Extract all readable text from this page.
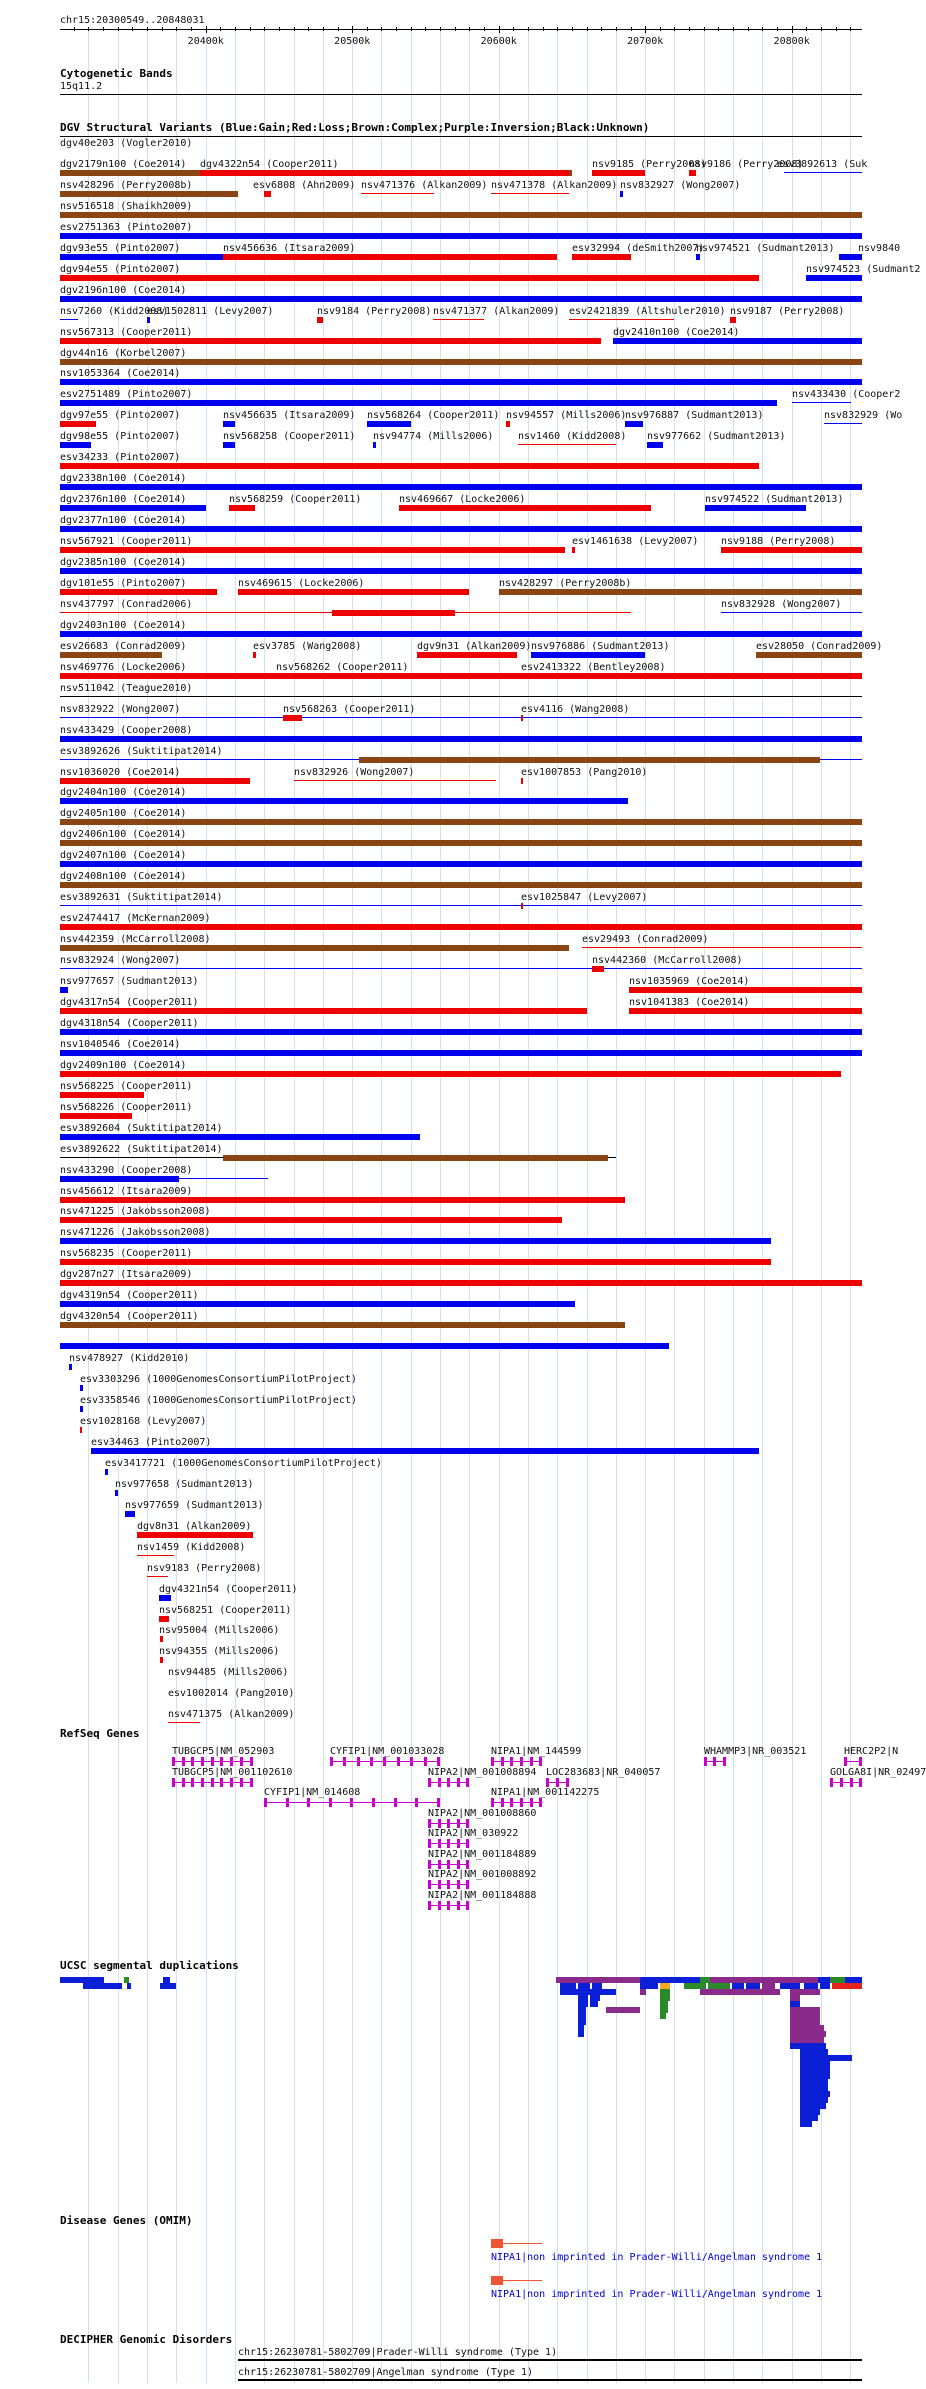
chr15:20300549..20848031
20400k	20500k	20600k	20700k	20800k
Cytogenetic Bands
15q11.2
DGV Structural Variants (Blue:Gain;Red:Loss;Brown:Complex;Purple:Inversion;Black:Unknown)
dgv40e203 (Vogler2010)
dgv2179n100 (Coe2014) dgv4322n54 (Cooper2011)	nsv9185 (Perry2008)
nsv9186 (Perry2008)
esv3892613 (Suk
nsv428296 (Perry2008b)	esv6808 (Ahn2009) nsv471376 (Alkan2009) nsv471378 (Alkan2009) nsv832927 (Wong2007)
nsv516518 (Shaikh2009)
esv2751363 (Pinto2007)
dgv93e55 (Pinto2007)	nsv456636 (Itsara2009)	esv32994 (deSmith2007)
nsv974521 (Sudmant2013) nsv9840
dgv94e55 (Pinto2007)	nsv974523 (Sudmant2
dgv2196n100 (Coe2014)
nsv7260 (Kidd2008)
esv1502811 (Levy2007)	nsv9184 (Perry2008) nsv471377 (Alkan2009) esv2421839 (Altshuler2010) nsv9187 (Perry2008)
nsv567313 (Cooper2011)	dgv2410n100 (Coe2014)
dgv44n16 (Korbel2007)
nsv1053364 (Coe2014)
esv2751489 (Pinto2007)	nsv433430 (Cooper2
dgv97e55 (Pinto2007)	nsv456635 (Itsara2009) nsv568264 (Cooper2011) nsv94557 (Mills2006)
nsv976887 (Sudmant2013)	nsv832929 (Wo
dgv98e55 (Pinto2007)	nsv568258 (Cooper2011) nsv94774 (Mills2006) nsv1460 (Kidd2008) nsv977662 (Sudmant2013)
esv34233 (Pinto2007)
dgv2338n100 (Coe2014)
dgv2376n100 (Coe2014)	nsv568259 (Cooper2011)	nsv469667 (Locke2006)	nsv974522 (Sudmant2013)
dgv2377n100 (Coe2014)
nsv567921 (Cooper2011)	esv1461638 (Levy2007) nsv9188 (Perry2008)
dgv2385n100 (Coe2014)
dgv101e55 (Pinto2007)	nsv469615 (Locke2006)	nsv428297 (Perry2008b)
nsv437797 (Conrad2006)	nsv832928 (Wong2007)
dgv2403n100 (Coe2014)
esv26683 (Conrad2009)	esv3785 (Wang2008)	dgv9n31 (Alkan2009) nsv976886 (Sudmant2013)	esv28050 (Conrad2009)
nsv469776 (Locke2006)	nsv568262 (Cooper2011)	esv2413322 (Bentley2008)
nsv511042 (Teague2010)
nsv832922 (Wong2007)	nsv568263 (Cooper2011)	esv4116 (Wang2008)
nsv433429 (Cooper2008)
esv3892626 (Suktitipat2014)
nsv1036020 (Coe2014)	nsv832926 (Wong2007)	esv1007853 (Pang2010)
dgv2404n100 (Coe2014)
dgv2405n100 (Coe2014)
dgv2406n100 (Coe2014)
dgv2407n100 (Coe2014)
dgv2408n100 (Coe2014)
esv3892631 (Suktitipat2014)	esv1025847 (Levy2007)
esv2474417 (McKernan2009)
nsv442359 (McCarroll2008)	esv29493 (Conrad2009)
nsv832924 (Wong2007)	nsv442360 (McCarroll2008)
nsv977657 (Sudmant2013)	nsv1035969 (Coe2014)
dgv4317n54 (Cooper2011)	nsv1041383 (Coe2014)
dgv4318n54 (Cooper2011)
nsv1040546 (Coe2014)
dgv2409n100 (Coe2014)
nsv568225 (Cooper2011)
nsv568226 (Cooper2011)
esv3892604 (Suktitipat2014)
esv3892622 (Suktitipat2014)
nsv433290 (Cooper2008)
nsv456612 (Itsara2009)
nsv471225 (Jakobsson2008)
nsv471226 (Jakobsson2008)
nsv568235 (Cooper2011)
dgv287n27 (Itsara2009)
dgv4319n54 (Cooper2011)
dgv4320n54 (Cooper2011)
nsv478927 (Kidd2010)
esv3303296 (1000GenomesConsortiumPilotProject)
esv3358546 (1000GenomesConsortiumPilotProject)
esv1028168 (Levy2007)
esv34463 (Pinto2007)
esv3417721 (1000GenomesConsortiumPilotProject)
nsv977658 (Sudmant2013)
nsv977659 (Sudmant2013)
dgv8n31 (Alkan2009)
nsv1459 (Kidd2008)
nsv9183 (Perry2008)
dgv4321n54 (Cooper2011)
nsv568251 (Cooper2011)
nsv95004 (Mills2006)
nsv94355 (Mills2006)
nsv94485 (Mills2006)
esv1002014 (Pang2010)
nsv471375 (Alkan2009)
RefSeq Genes
TUBGCP5|NM_052903	CYFIP1|NM_001033028	NIPA1|NM_144599	WHAMMP3|NR_003521	HERC2P2|N
TUBGCP5|NM_001102610	NIPA2|NM_001008894 LOC283683|NR_040057	GOLGA8I|NR_02497
CYFIP1|NM_014608	NIPA1|NM_001142275
NIPA2|NM_001008860
NIPA2|NM_030922
NIPA2|NM_001184889
NIPA2|NM_001008892
NIPA2|NM_001184888
UCSC segmental duplications
Disease Genes (OMIM)
NIPA1|non imprinted in Prader-Willi/Angelman syndrome 1
NIPA1|non imprinted in Prader-Willi/Angelman syndrome 1
DECIPHER Genomic Disorders
chr15:26230781-5802709|Prader-Willi syndrome (Type 1)
chr15:26230781-5802709|Angelman syndrome (Type 1)
